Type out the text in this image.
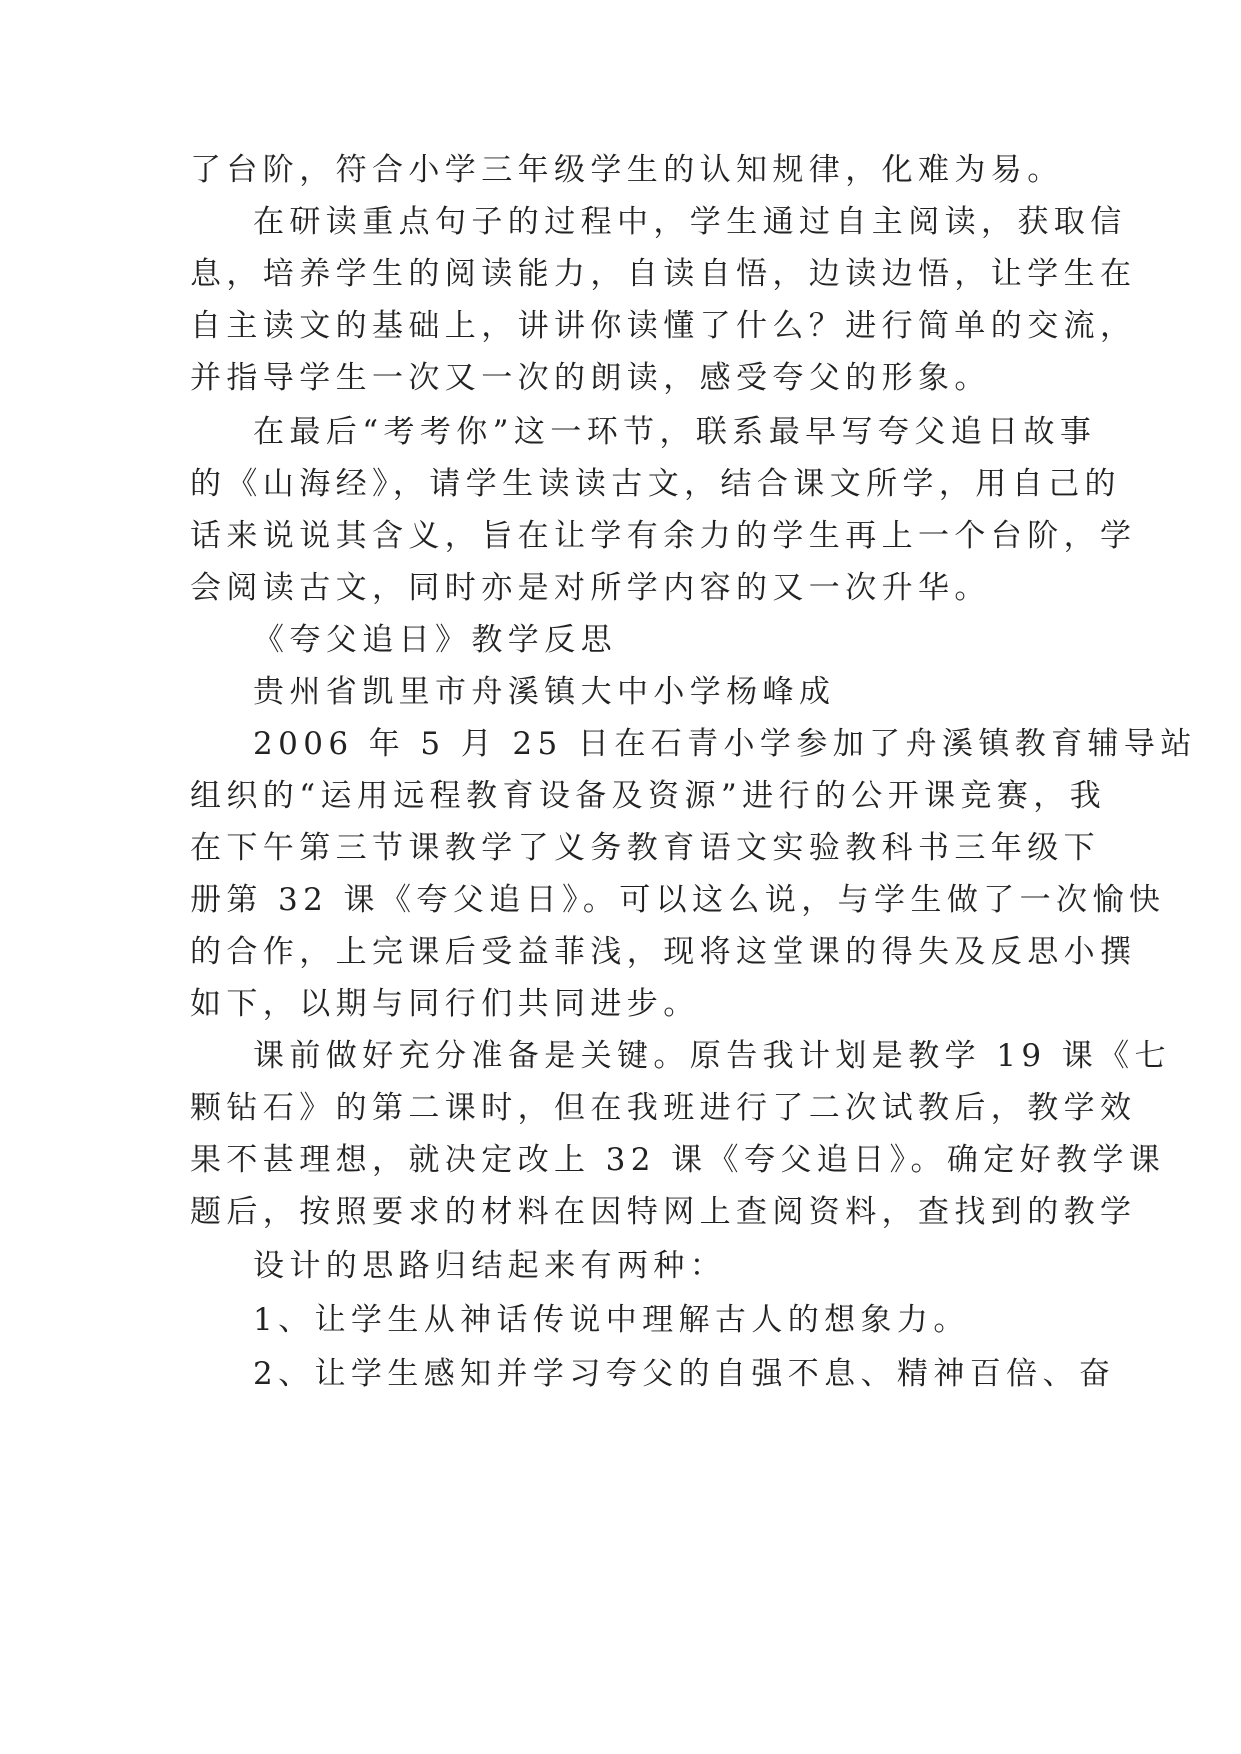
了台阶，符合小学三年级学生的认知规律，化难为易。
在研读重点句子的过程中，学生通过自主阅读，获取信
息，培养学生的阅读能力，自读自悟，边读边悟，让学生在
自主读文的基础上，讲讲你读懂了什么？进行简单的交流，
并指导学生一次又一次的朗读，感受夸父的形象。
在最后“考考你”这一环节，联系最早写夸父追日故事
的《山海经》，请学生读读古文，结合课文所学，用自己的
话来说说其含义，旨在让学有余力的学生再上一个台阶，学
会阅读古文，同时亦是对所学内容的又一次升华。
《夸父追日》教学反思
贵州省凯里市舟溪镇大中小学杨峰成
2006 年 5 月 25 日在石青小学参加了舟溪镇教育辅导站
组织的“运用远程教育设备及资源”进行的公开课竞赛，我
在下午第三节课教学了义务教育语文实验教科书三年级下
册第 32 课《夸父追日》。可以这么说，与学生做了一次愉快
的合作，上完课后受益菲浅，现将这堂课的得失及反思小撰
如下，以期与同行们共同进步。
课前做好充分准备是关键。原告我计划是教学 19 课《七
颗钻石》的第二课时，但在我班进行了二次试教后，教学效
果不甚理想，就决定改上 32 课《夸父追日》。确定好教学课
题后，按照要求的材料在因特网上查阅资料，查找到的教学
设计的思路归结起来有两种：
1、让学生从神话传说中理解古人的想象力。
2、让学生感知并学习夸父的自强不息、精神百倍、奋
